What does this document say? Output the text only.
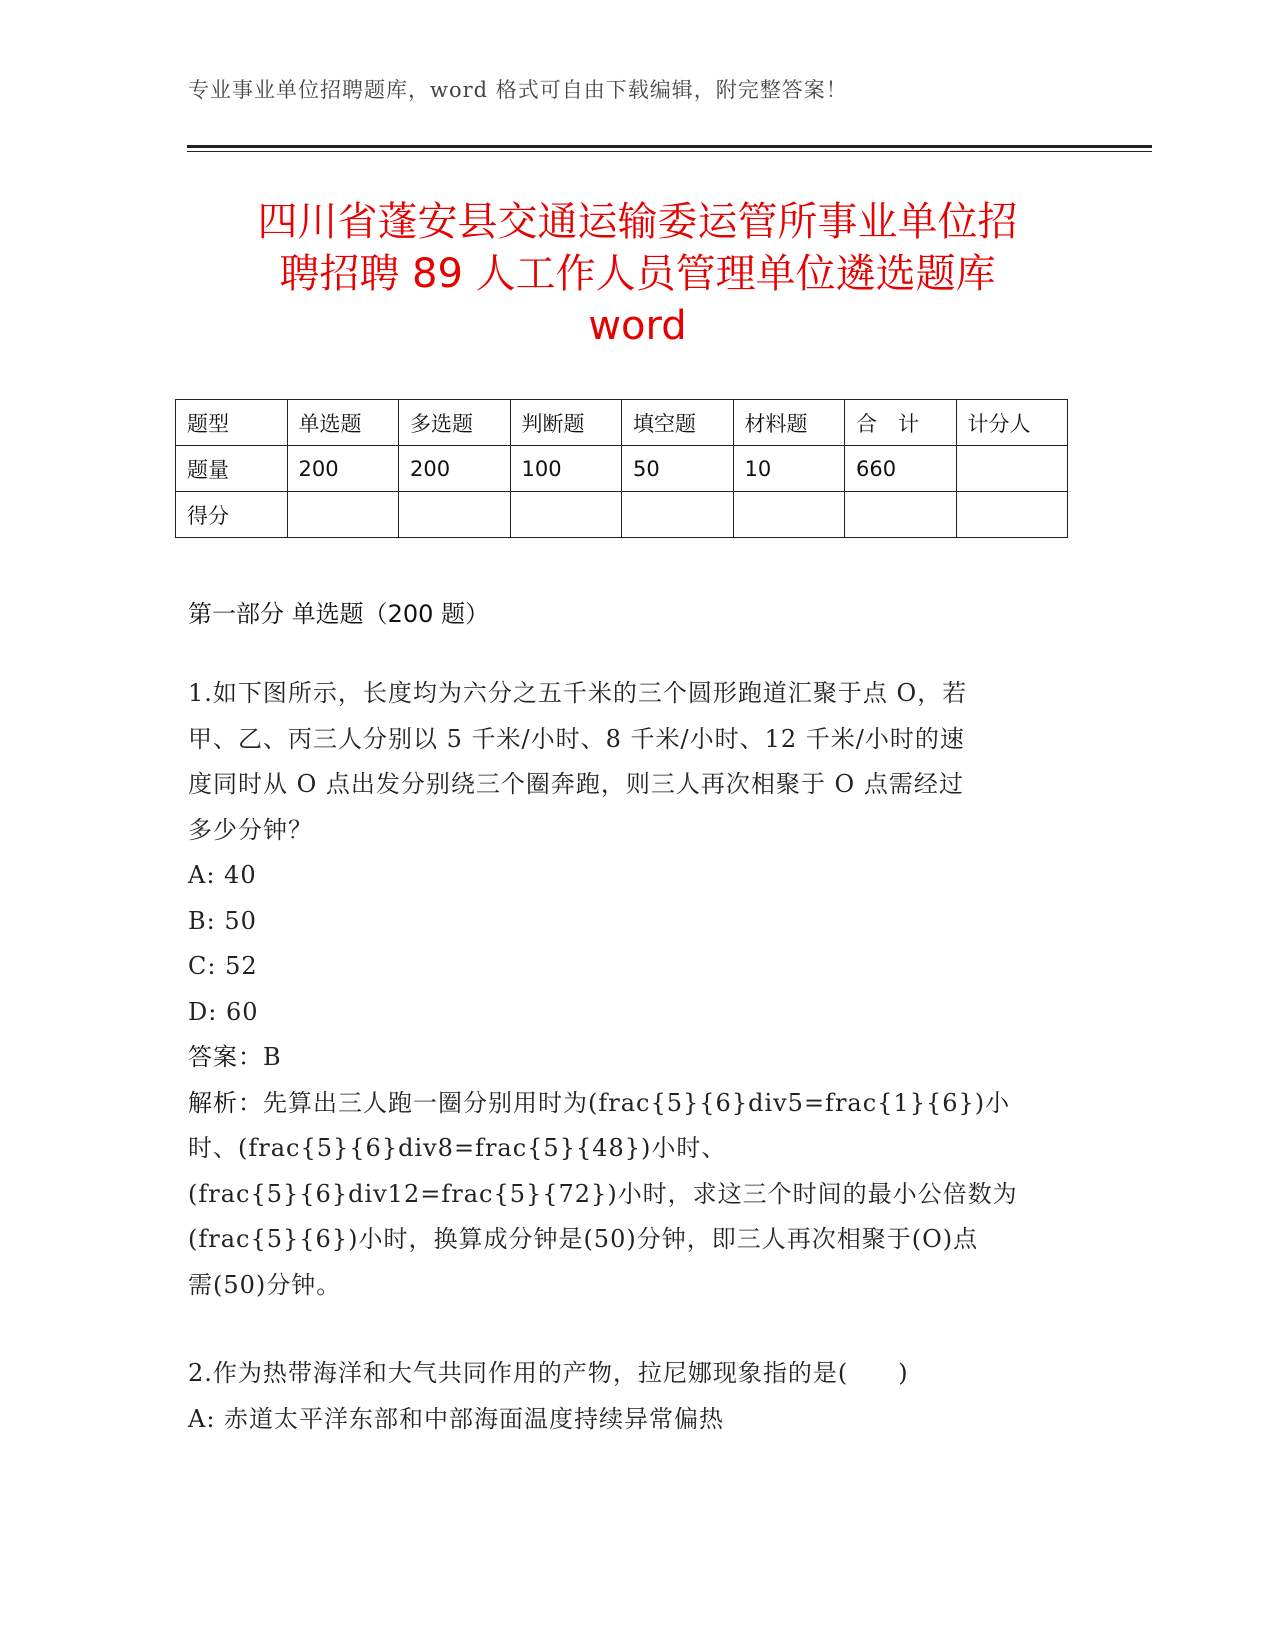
专业事业单位招聘题库，word 格式可自由下载编辑，附完整答案！
四川省蓬安县交通运输委运管所事业单位招
聘招聘 89 人工作人员管理单位遴选题库
word
题型	单选题	多选题	判断题	填空题	材料题	合　计	计分人
题量	200	200	100	50	10	660	
得分							
第一部分 单选题（200 题）
1.如下图所示，长度均为六分之五千米的三个圆形跑道汇聚于点 O，若
甲、乙、丙三人分别以 5 千米/小时、8 千米/小时、12 千米/小时的速
度同时从 O 点出发分别绕三个圈奔跑，则三人再次相聚于 O 点需经过
多少分钟？
A: 40
B: 50
C: 52
D: 60
答案：B
解析：先算出三人跑一圈分别用时为(frac{5}{6}div5=frac{1}{6})小
时、(frac{5}{6}div8=frac{5}{48})小时、
(frac{5}{6}div12=frac{5}{72})小时，求这三个时间的最小公倍数为
(frac{5}{6})小时，换算成分钟是(50)分钟，即三人再次相聚于(O)点
需(50)分钟。
2.作为热带海洋和大气共同作用的产物，拉尼娜现象指的是(　　)
A: 赤道太平洋东部和中部海面温度持续异常偏热
